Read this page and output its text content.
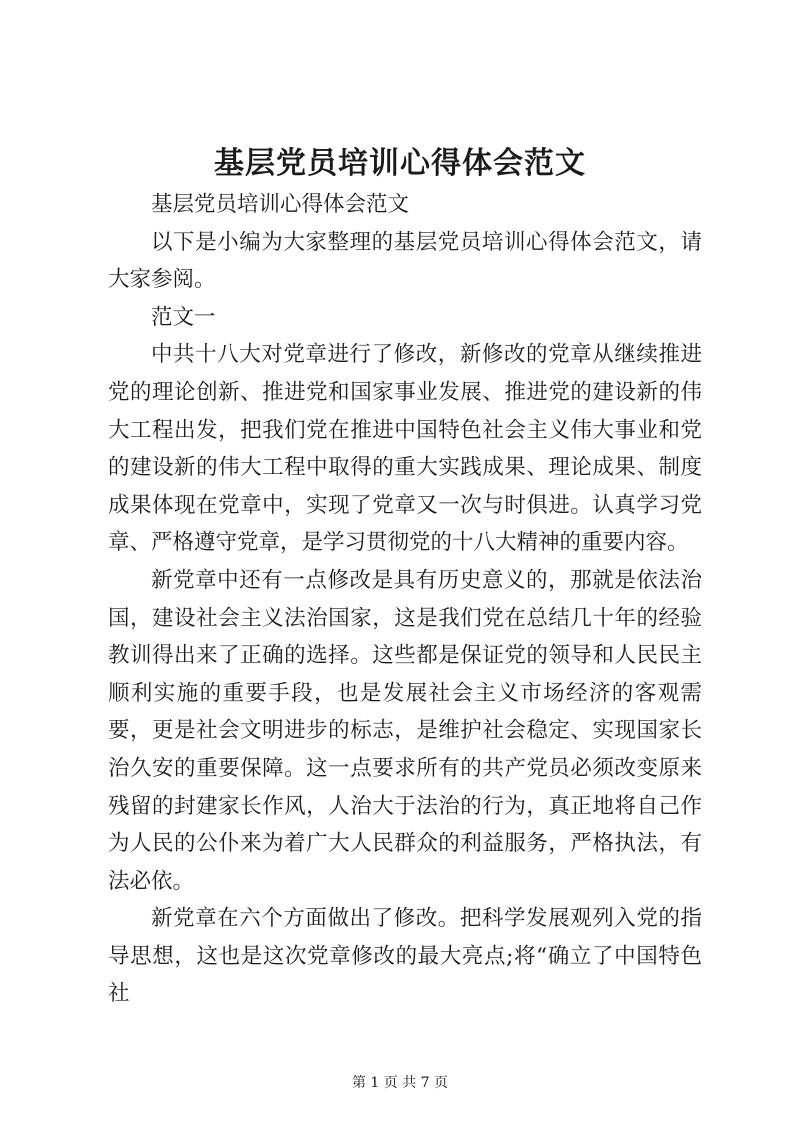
基层党员培训心得体会范文

基层党员培训心得体会范文

以下是小编为大家整理的基层党员培训心得体会范文，请大家参阅。

范文一

中共十八大对党章进行了修改，新修改的党章从继续推进党的理论创新、推进党和国家事业发展、推进党的建设新的伟大工程出发，把我们党在推进中国特色社会主义伟大事业和党的建设新的伟大工程中取得的重大实践成果、理论成果、制度成果体现在党章中，实现了党章又一次与时俱进。认真学习党章、严格遵守党章，是学习贯彻党的十八大精神的重要内容。

新党章中还有一点修改是具有历史意义的，那就是依法治国，建设社会主义法治国家，这是我们党在总结几十年的经验教训得出来了正确的选择。这些都是保证党的领导和人民民主顺利实施的重要手段，也是发展社会主义市场经济的客观需要，更是社会文明进步的标志，是维护社会稳定、实现国家长治久安的重要保障。这一点要求所有的共产党员必须改变原来残留的封建家长作风，人治大于法治的行为，真正地将自己作为人民的公仆来为着广大人民群众的利益服务，严格执法，有法必依。

新党章在六个方面做出了修改。把科学发展观列入党的指导思想，这也是这次党章修改的最大亮点;将“确立了中国特色社

第 1 页 共 7 页
